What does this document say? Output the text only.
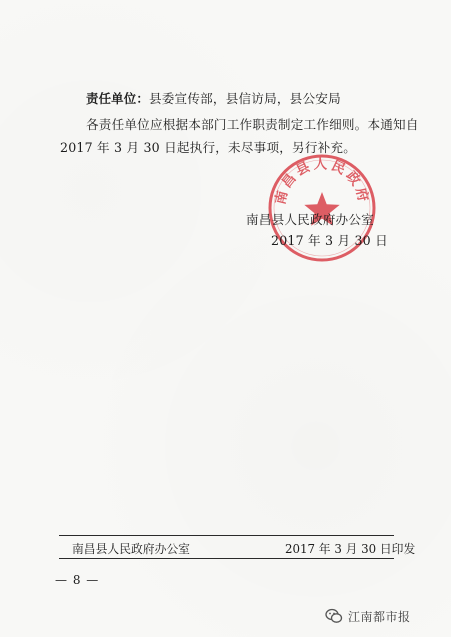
责任单位：县委宣传部，县信访局，县公安局
各责任单位应根据本部门工作职责制定工作细则。本通知自
2017 年 3 月 30 日起执行，未尽事项，另行补充。
南昌县人民政府
南昌县人民政府办公室
2017 年 3 月 30 日
南昌县人民政府办公室	2017 年 3 月 30 日印发
— 8 —
江南都市报
